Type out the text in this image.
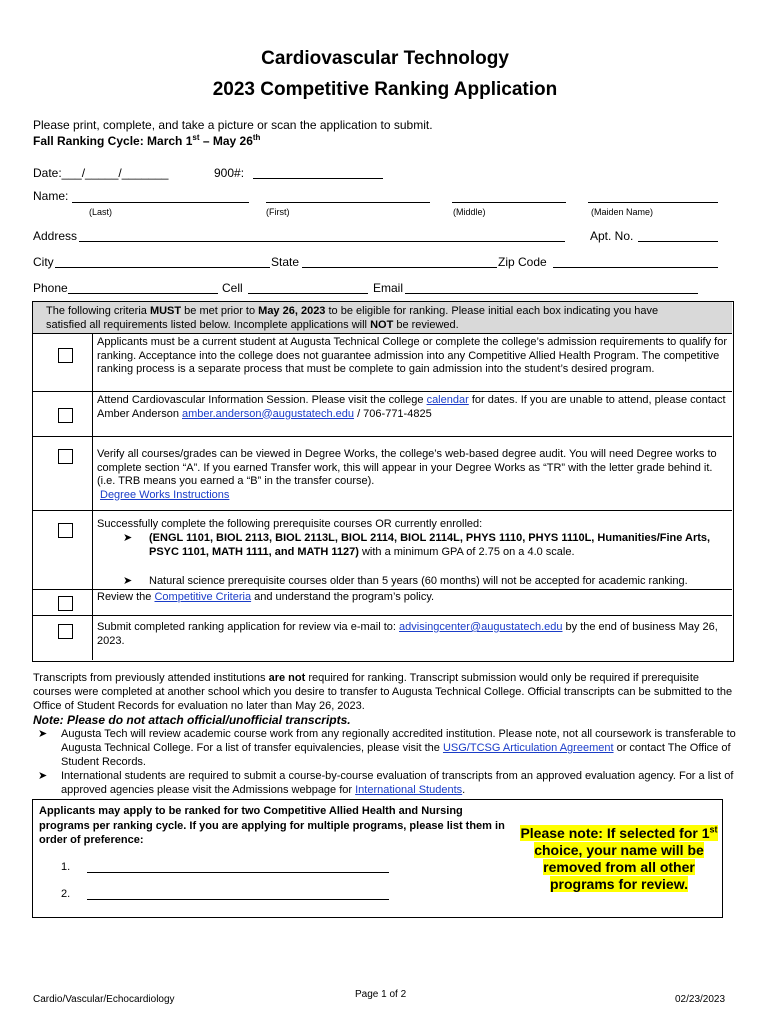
Cardiovascular Technology
2023 Competitive Ranking Application
Please print, complete, and take a picture or scan the application to submit.
Fall Ranking Cycle: March 1st – May 26th
Date:___/_____/_______	900#:
Name:
(Last)	(First)	(Middle)	(Maiden Name)
Address	Apt. No.
City	State	Zip Code
Phone	Cell	Email
The following criteria MUST be met prior to May 26, 2023 to be eligible for ranking. Please initial each box indicating you have
satisfied all requirements listed below. Incomplete applications will NOT be reviewed.
Applicants must be a current student at Augusta Technical College or complete the college’s admission requirements to qualify for ranking. Acceptance into the college does not guarantee admission into any Competitive Allied Health Program. The competitive ranking process is a separate process that must be complete to gain admission into the student’s desired program.
Attend Cardiovascular Information Session. Please visit the college calendar for dates. If you are unable to attend, please contact Amber Anderson amber.anderson@augustatech.edu / 706-771-4825
Verify all courses/grades can be viewed in Degree Works, the college’s web-based degree audit. You will need Degree works to complete section “A”. If you earned Transfer work, this will appear in your Degree Works as “TR” with the letter grade behind it. (i.e. TRB means you earned a “B” in the transfer course).
Degree Works Instructions
Successfully complete the following prerequisite courses OR currently enrolled:
➤	(ENGL 1101, BIOL 2113, BIOL 2113L, BIOL 2114, BIOL 2114L, PHYS 1110, PHYS 1110L, Humanities/Fine Arts, PSYC 1101, MATH 1111, and MATH 1127) with a minimum GPA of 2.75 on a 4.0 scale.
➤	Natural science prerequisite courses older than 5 years (60 months) will not be accepted for academic ranking.
Review the Competitive Criteria and understand the program’s policy.
Submit completed ranking application for review via e-mail to: advisingcenter@augustatech.edu by the end of business May 26, 2023.
Transcripts from previously attended institutions are not required for ranking. Transcript submission would only be required if prerequisite courses were completed at another school which you desire to transfer to Augusta Technical College. Official transcripts can be submitted to the Office of Student Records for evaluation no later than May 26, 2023.
Note: Please do not attach official/unofficial transcripts.
➤	Augusta Tech will review academic course work from any regionally accredited institution. Please note, not all coursework is transferable to Augusta Technical College. For a list of transfer equivalencies, please visit the USG/TCSG Articulation Agreement or contact The Office of Student Records.
➤	International students are required to submit a course-by-course evaluation of transcripts from an approved evaluation agency. For a list of approved agencies please visit the Admissions webpage for International Students.
Applicants may apply to be ranked for two Competitive Allied Health and Nursing programs per ranking cycle. If you are applying for multiple programs, please list them in order of preference:
1.
2.
Please note: If selected for 1st choice, your name will be removed from all other programs for review.
Cardio/Vascular/Echocardiology	Page 1 of 2	02/23/2023
